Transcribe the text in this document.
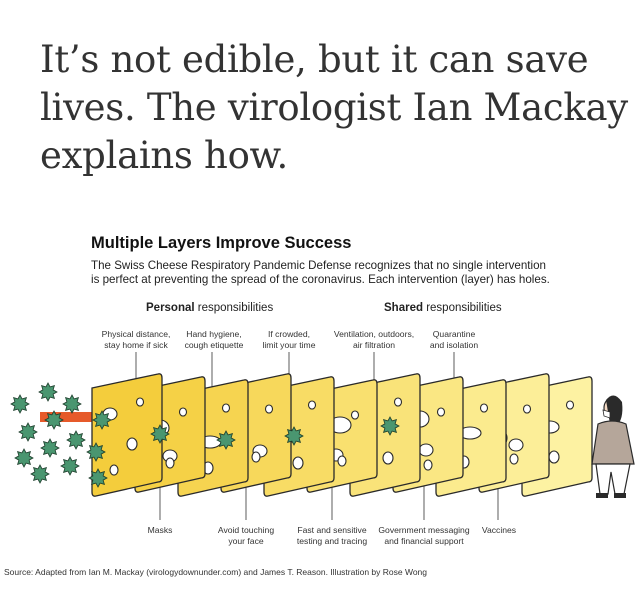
It’s not edible, but it can save
lives. The virologist Ian Mackay
explains how.
Multiple Layers Improve Success
The Swiss Cheese Respiratory Pandemic Defense recognizes that no single intervention
is perfect at preventing the spread of the coronavirus. Each intervention (layer) has holes.
Personal responsibilities	Shared responsibilities
Physical distance,
stay home if sick
Hand hygiene,
cough etiquette
If crowded,
limit your time
Ventilation, outdoors,
air filtration
Quarantine
and isolation
Masks	Avoid touching
your face
Fast and sensitive
testing and tracing
Government messaging
and financial support
Vaccines
Source: Adapted from Ian M. Mackay (virologydownunder.com) and James T. Reason. Illustration by Rose Wong
